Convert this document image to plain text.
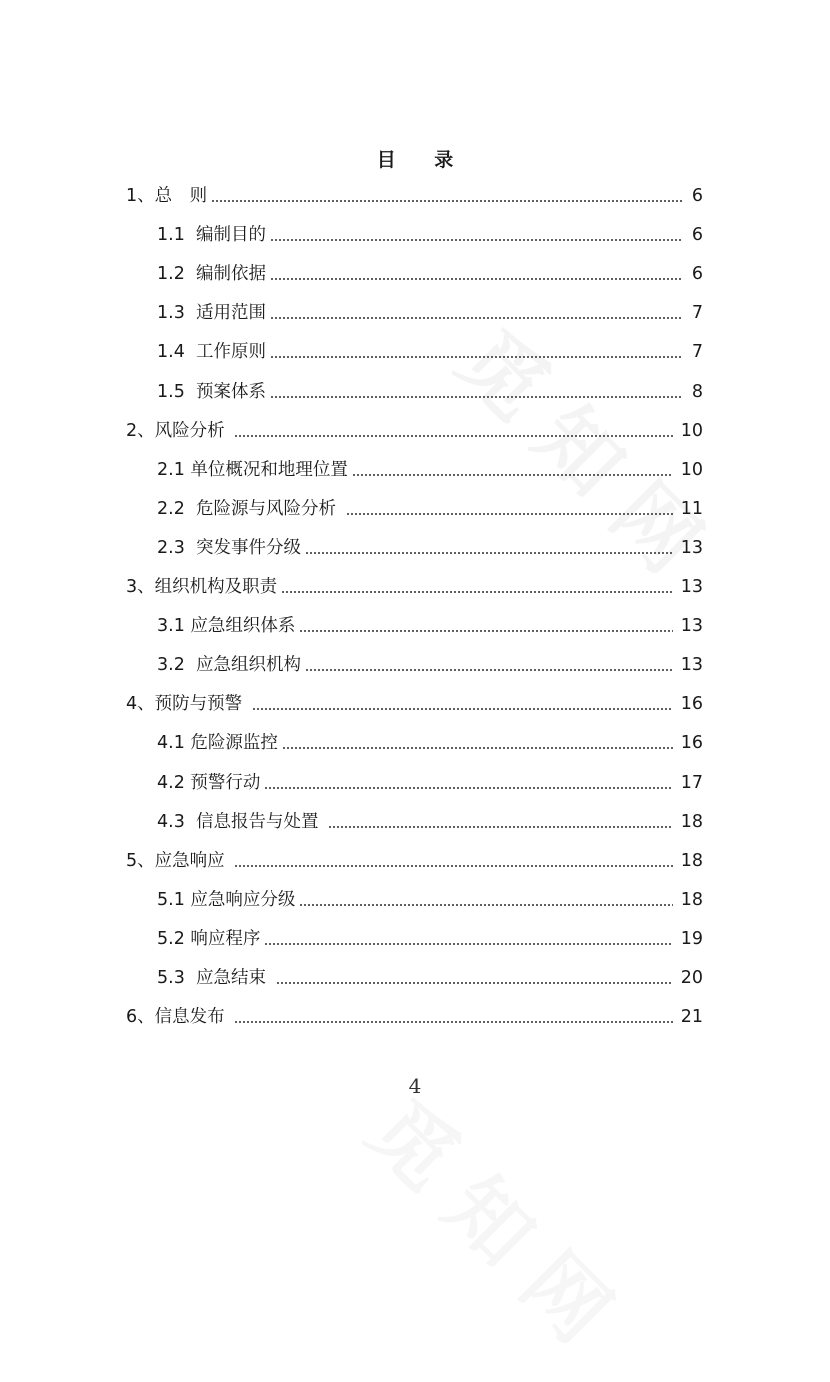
目 录
1、总　则	6
1.1  编制目的	6
1.2  编制依据	6
1.3  适用范围	7
1.4  工作原则	7
1.5  预案体系	8
2、风险分析	10
2.1 单位概况和地理位置	10
2.2  危险源与风险分析	11
2.3  突发事件分级	13
3、组织机构及职责	13
3.1 应急组织体系	13
3.2  应急组织机构	13
4、预防与预警	16
4.1 危险源监控	16
4.2 预警行动	17
4.3  信息报告与处置	18
5、应急响应	18
5.1 应急响应分级	18
5.2 响应程序	19
5.3  应急结束	20
6、信息发布	21
4
